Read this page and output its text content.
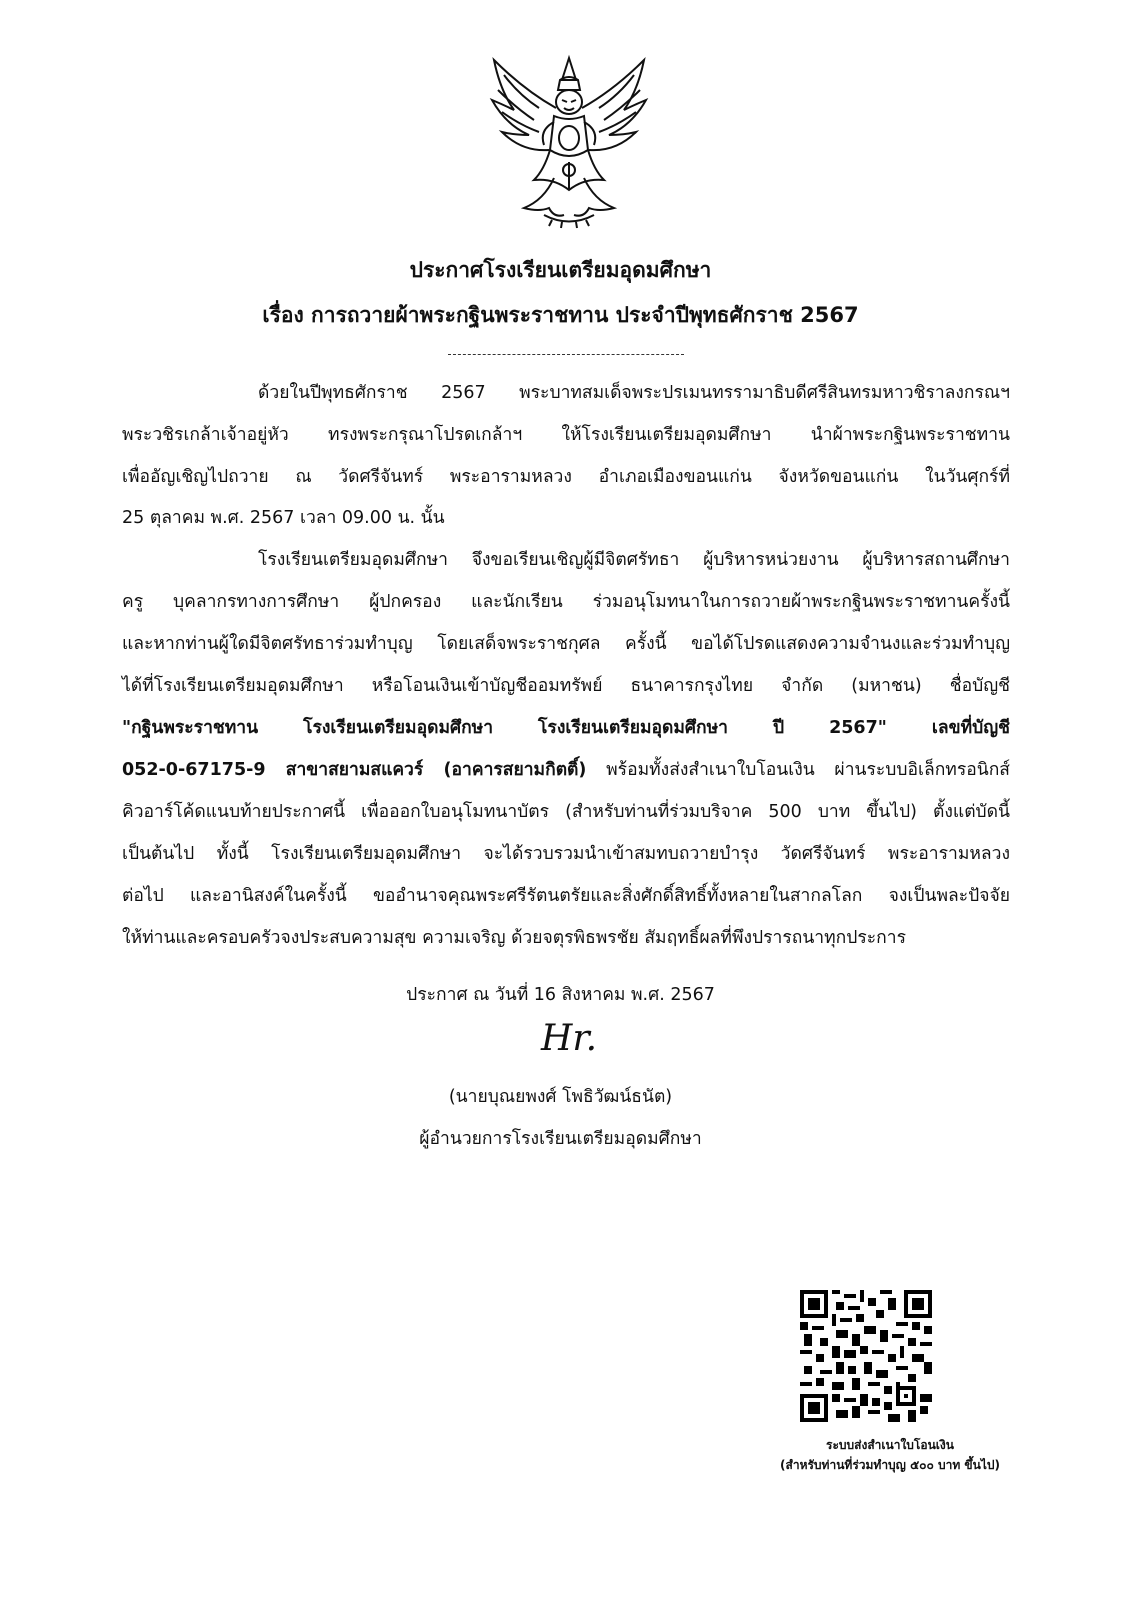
ประกาศโรงเรียนเตรียมอุดมศึกษา
เรื่อง การถวายผ้าพระกฐินพระราชทาน ประจำปีพุทธศักราช 2567
ด้วยในปีพุทธศักราช 2567 พระบาทสมเด็จพระปรเมนทรรามาธิบดีศรีสินทรมหาวชิราลงกรณฯ
พระวชิรเกล้าเจ้าอยู่หัว ทรงพระกรุณาโปรดเกล้าฯ ให้โรงเรียนเตรียมอุดมศึกษา นำผ้าพระกฐินพระราชทาน
เพื่ออัญเชิญไปถวาย ณ วัดศรีจันทร์ พระอารามหลวง อำเภอเมืองขอนแก่น จังหวัดขอนแก่น ในวันศุกร์ที่
25 ตุลาคม พ.ศ. 2567 เวลา 09.00 น. นั้น
โรงเรียนเตรียมอุดมศึกษา จึงขอเรียนเชิญผู้มีจิตศรัทธา ผู้บริหารหน่วยงาน ผู้บริหารสถานศึกษา
ครู บุคลากรทางการศึกษา ผู้ปกครอง และนักเรียน ร่วมอนุโมทนาในการถวายผ้าพระกฐินพระราชทานครั้งนี้
และหากท่านผู้ใดมีจิตศรัทธาร่วมทำบุญ โดยเสด็จพระราชกุศล ครั้งนี้ ขอได้โปรดแสดงความจำนงและร่วมทำบุญ
ได้ที่โรงเรียนเตรียมอุดมศึกษา หรือโอนเงินเข้าบัญชีออมทรัพย์ ธนาคารกรุงไทย จำกัด (มหาชน) ชื่อบัญชี
"กฐินพระราชทาน โรงเรียนเตรียมอุดมศึกษา โรงเรียนเตรียมอุดมศึกษา ปี 2567" เลขที่บัญชี
052-0-67175-9 สาขาสยามสแควร์ (อาคารสยามกิตติ์) พร้อมทั้งส่งสำเนาใบโอนเงิน ผ่านระบบอิเล็กทรอนิกส์
คิวอาร์โค้ดแนบท้ายประกาศนี้ เพื่อออกใบอนุโมทนาบัตร (สำหรับท่านที่ร่วมบริจาค 500 บาท ขึ้นไป) ตั้งแต่บัดนี้
เป็นต้นไป ทั้งนี้ โรงเรียนเตรียมอุดมศึกษา จะได้รวบรวมนำเข้าสมทบถวายบำรุง วัดศรีจันทร์ พระอารามหลวง
ต่อไป และอานิสงค์ในครั้งนี้ ขออำนาจคุณพระศรีรัตนตรัยและสิ่งศักดิ์สิทธิ์ทั้งหลายในสากลโลก จงเป็นพละปัจจัย
ให้ท่านและครอบครัวจงประสบความสุข ความเจริญ ด้วยจตุรพิธพรชัย สัมฤทธิ์ผลที่พึงปรารถนาทุกประการ
ประกาศ ณ วันที่ 16 สิงหาคม พ.ศ. 2567
Hr.
(นายบุณยพงศ์ โพธิวัฒน์ธนัต)
ผู้อำนวยการโรงเรียนเตรียมอุดมศึกษา
ระบบส่งสำเนาใบโอนเงิน
(สำหรับท่านที่ร่วมทำบุญ ๕๐๐ บาท ขึ้นไป)
